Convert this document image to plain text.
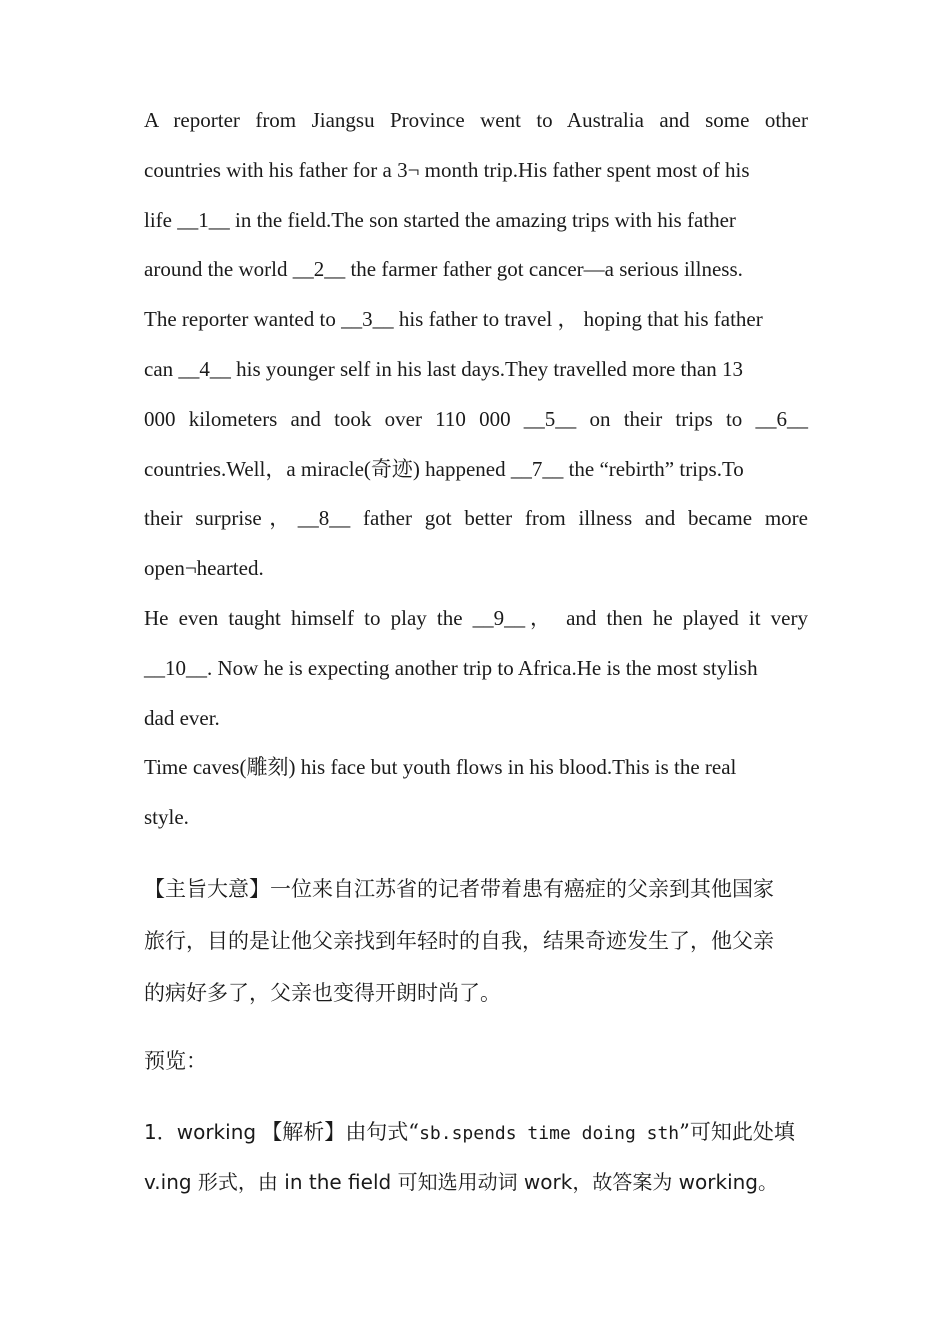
A reporter from Jiangsu Province went to Australia and some other
countries with his father for a 3¬ month trip.His father spent most of his
life __1__ in the field.The son started the amazing trips with his father
around the world __2__ the farmer father got cancer—a serious illness.
The reporter wanted to __3__ his father to travel ， hoping that his father
can __4__ his younger self in his last days.They travelled more than 13
000 kilometers and took over 110 000 __5__ on their trips to __6__
countries.Well，a miracle(奇迹) happened __7__ the “rebirth” trips.To
their surprise，__8__ father got better from illness and became more
open¬hearted.
He even taught himself to play the __9__， and then he played it very
__10__. Now he is expecting another trip to Africa.He is the most stylish
dad ever.
Time caves(雕刻) his face but youth flows in his blood.This is the real
style.
【主旨大意】一位来自江苏省的记者带着患有癌症的父亲到其他国家
旅行，目的是让他父亲找到年轻时的自我，结果奇迹发生了，他父亲
的病好多了，父亲也变得开朗时尚了。
预览：
1．working 【解析】由句式“sb.spends time doing sth”可知此处填
v.ing 形式，由 in the field 可知选用动词 work，故答案为 working。
